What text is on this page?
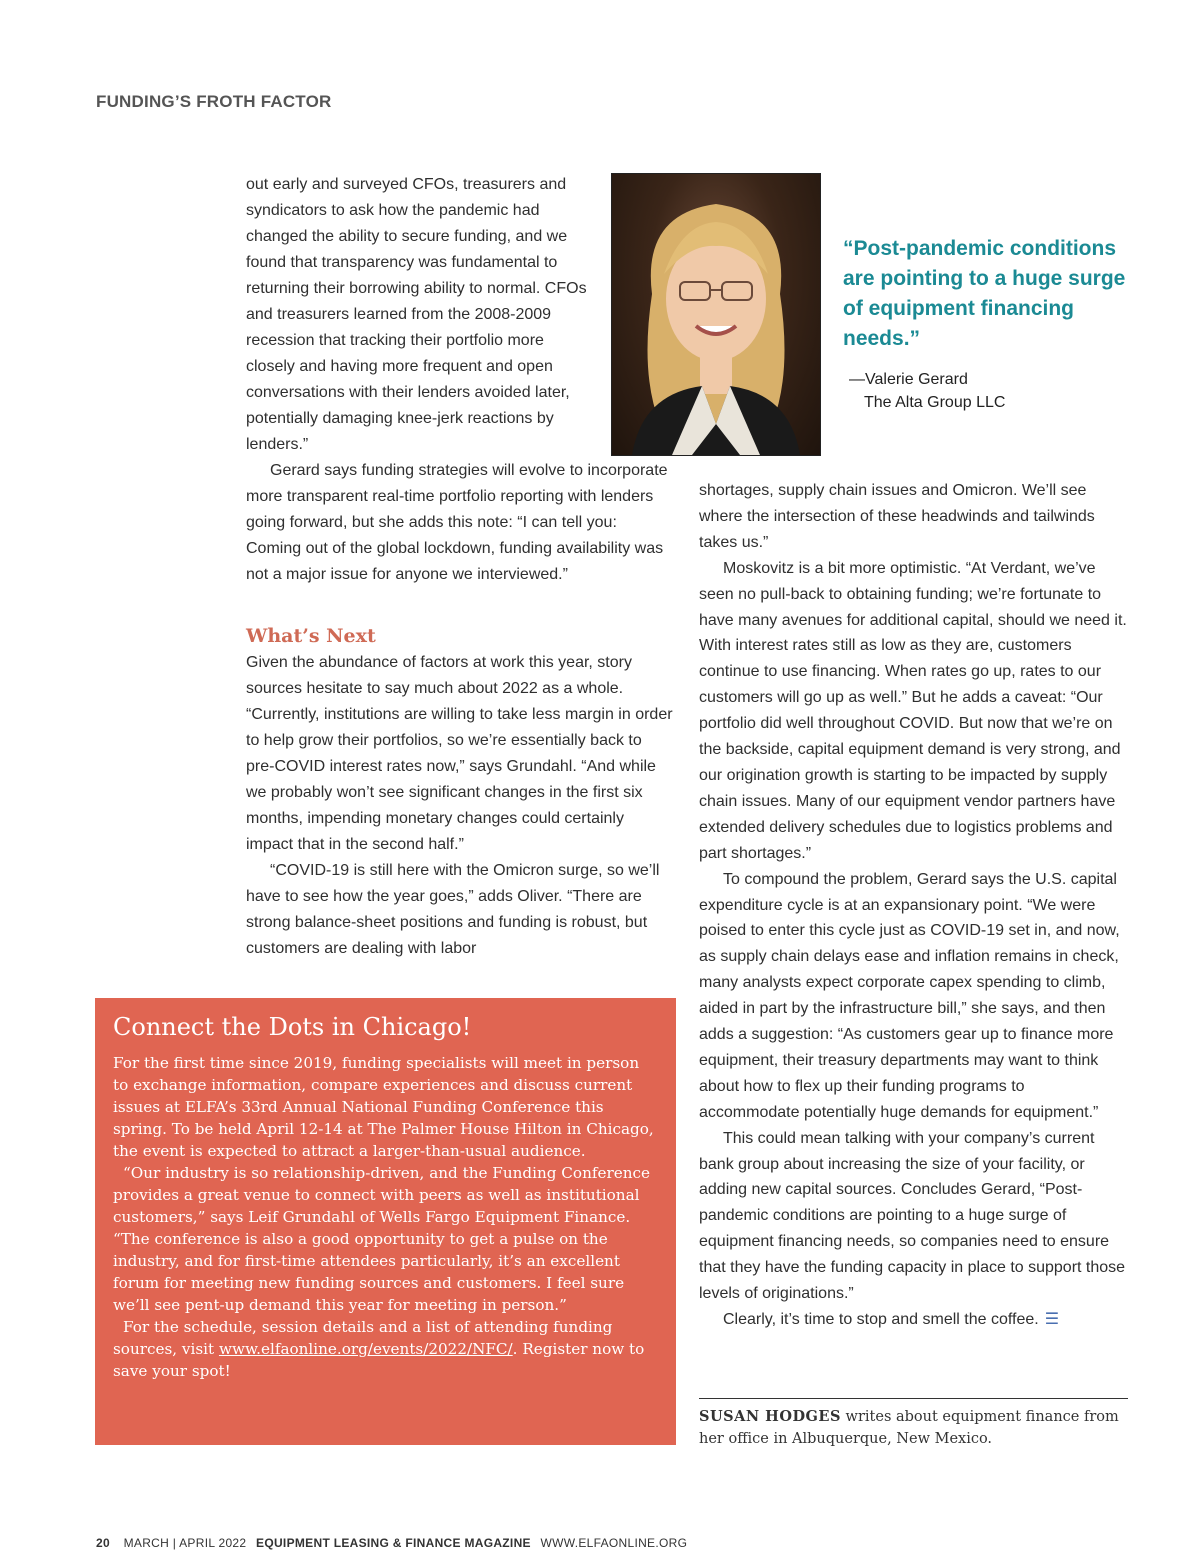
FUNDING’S FROTH FACTOR

out early and surveyed CFOs, treasurers and syndicators to ask how the pandemic had changed the ability to secure funding, and we found that transparency was fundamental to returning their borrowing ability to normal. CFOs and treasurers learned from the 2008-2009 recession that tracking their portfolio more closely and having more frequent and open conversations with their lenders avoided later, potentially damaging knee-jerk reactions by lenders.”

Gerard says funding strategies will evolve to incorporate more transparent real-time portfolio reporting with lenders going forward, but she adds this note: “I can tell you: Coming out of the global lockdown, funding availability was not a major issue for anyone we interviewed.”

What’s Next

Given the abundance of factors at work this year, story sources hesitate to say much about 2022 as a whole. “Currently, institutions are willing to take less margin in order to help grow their portfolios, so we’re essentially back to pre-COVID interest rates now,” says Grundahl. “And while we probably won’t see significant changes in the first six months, impending monetary changes could certainly impact that in the second half.”

“COVID-19 is still here with the Omicron surge, so we’ll have to see how the year goes,” adds Oliver. “There are strong balance-sheet positions and funding is robust, but customers are dealing with labor

“Post-pandemic conditions are pointing to a huge surge of equipment financing needs.”
—Valerie Gerard
The Alta Group LLC

shortages, supply chain issues and Omicron. We’ll see where the intersection of these headwinds and tailwinds takes us.”

Moskovitz is a bit more optimistic. “At Verdant, we’ve seen no pull-back to obtaining funding; we’re fortunate to have many avenues for additional capital, should we need it. With interest rates still as low as they are, customers continue to use financing. When rates go up, rates to our customers will go up as well.” But he adds a caveat: “Our portfolio did well throughout COVID. But now that we’re on the backside, capital equipment demand is very strong, and our origination growth is starting to be impacted by supply chain issues. Many of our equipment vendor partners have extended delivery schedules due to logistics problems and part shortages.”

To compound the problem, Gerard says the U.S. capital expenditure cycle is at an expansionary point. “We were poised to enter this cycle just as COVID-19 set in, and now, as supply chain delays ease and inflation remains in check, many analysts expect corporate capex spending to climb, aided in part by the infrastructure bill,” she says, and then adds a suggestion: “As customers gear up to finance more equipment, their treasury departments may want to think about how to flex up their funding programs to accommodate potentially huge demands for equipment.”

This could mean talking with your company’s current bank group about increasing the size of your facility, or adding new capital sources. Concludes Gerard, “Post-pandemic conditions are pointing to a huge surge of equipment financing needs, so companies need to ensure that they have the funding capacity in place to support those levels of originations.”

Clearly, it’s time to stop and smell the coffee. ☰

SUSAN HODGES writes about equipment finance from her office in Albuquerque, New Mexico.
Connect the Dots in Chicago!

For the first time since 2019, funding specialists will meet in person to exchange information, compare experiences and discuss current issues at ELFA’s 33rd Annual National Funding Conference this spring. To be held April 12-14 at The Palmer House Hilton in Chicago, the event is expected to attract a larger-than-usual audience.

“Our industry is so relationship-driven, and the Funding Conference provides a great venue to connect with peers as well as institutional customers,” says Leif Grundahl of Wells Fargo Equipment Finance. “The conference is also a good opportunity to get a pulse on the industry, and for first-time attendees particularly, it’s an excellent forum for meeting new funding sources and customers. I feel sure we’ll see pent-up demand this year for meeting in person.”

For the schedule, session details and a list of attending funding sources, visit www.elfaonline.org/events/2022/NFC/. Register now to save your spot!

20 MARCH | APRIL 2022 EQUIPMENT LEASING & FINANCE MAGAZINE WWW.ELFAONLINE.ORG
